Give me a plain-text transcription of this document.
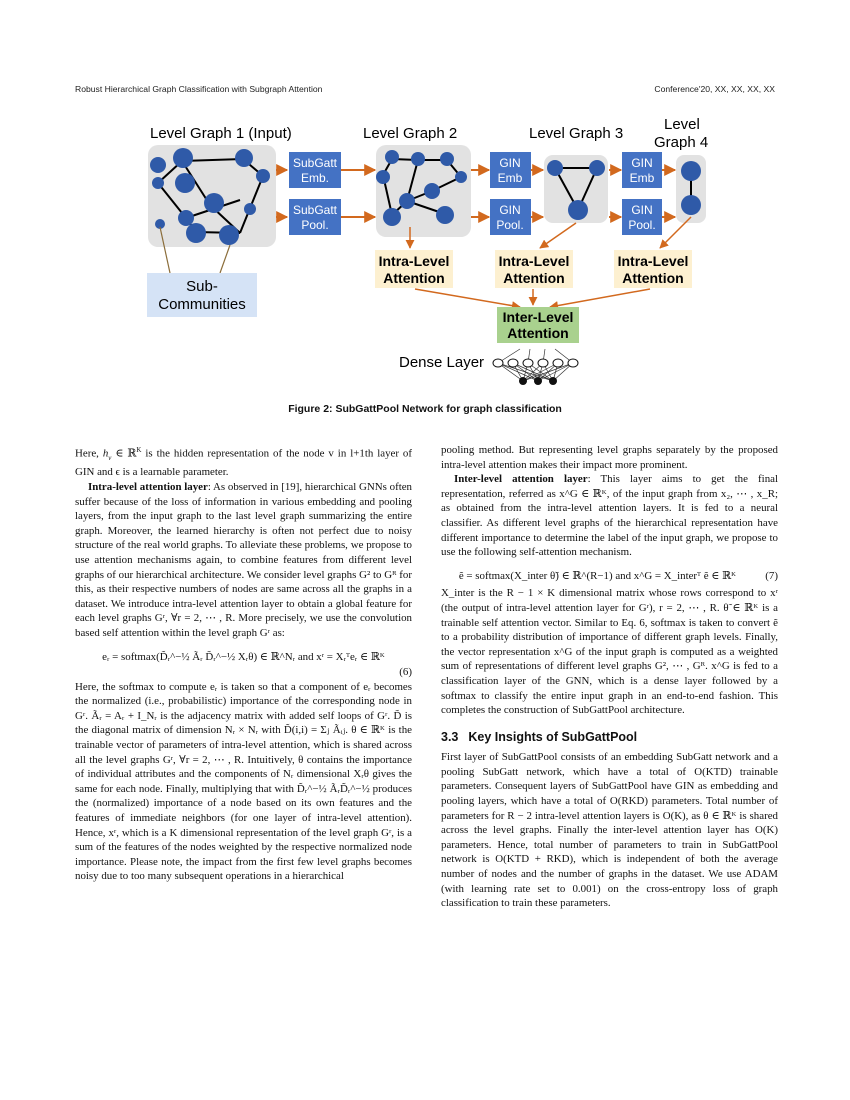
Robust Hierarchical Graph Classification with Subgraph Attention	Conference'20, XX, XX, XX, XX
Level Graph 1 (Input)	Level Graph 2	Level Graph 3
Level
Graph 4
SubGatt
Emb.
SubGatt
Pool.
GIN
Emb
GIN
Pool.
GIN
Emb
GIN
Pool.
Intra-Level
Attention
Intra-Level
Attention
Intra-Level
Attention
Inter-Level
Attention
Sub-
Communities
Dense Layer
Figure 2: SubGattPool Network for graph classification

Here, $h_v$ ∈ ℝ$^K$ is the hidden representation of the node v in l+1th layer of GIN and ϵ is a learnable parameter.

Intra-level attention layer: As observed in [19], hierarchical GNNs often suffer because of the loss of information in various embedding and pooling layers, from the input graph to the last level graph summarizing the entire graph. Moreover, the learned hierarchy is often not perfect due to noisy structure of the real world graphs. To alleviate these problems, we propose to use attention mechanisms again, to combine features from different level graphs of our hierarchical architecture. We consider level graphs G² to Gᴿ for this, as their respective numbers of nodes are same across all the graphs in a dataset. We introduce intra-level attention layer to obtain a global feature for each level graphs Gʳ, ∀r = 2, ⋯ , R. More precisely, we use the convolution based self attention within the level graph Gʳ as:

eᵣ = softmax(D̃ᵣ^−½ Ãᵣ D̃ᵣ^−½ Xᵣθ) ∈ ℝ^Nᵣ and xʳ = Xᵣᵀeᵣ ∈ ℝᴷ
(6)

Here, the softmax to compute eᵣ is taken so that a component of eᵣ becomes the normalized (i.e., probabilistic) importance of the corresponding node in Gʳ. Ãᵣ = Aᵣ + I_Nᵣ is the adjacency matrix with added self loops of Gʳ. D̃ is the diagonal matrix of dimension Nᵣ × Nᵣ with D̃(i,i) = Σⱼ Ãᵢⱼ. θ ∈ ℝᴷ is the trainable vector of parameters of intra-level attention, which is shared across all the level graphs Gʳ, ∀r = 2, ⋯ , R. Intuitively, θ contains the importance of individual attributes and the components of Nᵣ dimensional Xᵣθ gives the same for each node. Finally, multiplying that with D̃ᵣ^−½ ÃᵣD̃ᵣ^−½ produces the (normalized) importance of a node based on its own features and the features of immediate neighbors (for one layer of intra-level attention). Hence, xʳ, which is a K dimensional representation of the level graph Gʳ, is a sum of the features of the nodes weighted by the respective normalized node importance. Please note, the impact from the first few level graphs becomes noisy due to too many subsequent operations in a hierarchical

pooling method. But representing level graphs separately by the proposed intra-level attention makes their impact more prominent.

Inter-level attention layer: This layer aims to get the final representation, referred as x^G ∈ ℝᴷ, of the input graph from x₂, ⋯ , x_R; as obtained from the intra-level attention layers. It is fed to a neural classifier. As different level graphs of the hierarchical representation have different importance to determine the label of the input graph, we propose to use the following self-attention mechanism.

ẽ = softmax(X_inter θ̃) ∈ ℝ^(R−1) and x^G = X_interᵀ ẽ ∈ ℝᴷ	(7)

X_inter is the R − 1 × K dimensional matrix whose rows correspond to xʳ (the output of intra-level attention layer for Gʳ), r = 2, ⋯ , R. θ̃ ∈ ℝᴷ is a trainable self attention vector. Similar to Eq. 6, softmax is taken to convert ẽ to a probability distribution of importance of different graph levels. Finally, the vector representation x^G of the input graph is computed as a weighted sum of representations of different level graphs G², ⋯ , Gᴿ. x^G is fed to a classification layer of the GNN, which is a dense layer followed by a softmax to classify the entire input graph in an end-to-end fashion. This completes the construction of SubGattPool architecture.

3.3 Key Insights of SubGattPool

First layer of SubGattPool consists of an embedding SubGatt network and a pooling SubGatt network, which have a total of O(KTD) trainable parameters. Consequent layers of SubGattPool have GIN as embedding and pooling layers, which have a total of O(RKD) parameters. Total number of parameters for R − 2 intra-level attention layers is O(K), as θ ∈ ℝᴷ is shared across the level graphs. Finally the inter-level attention layer has O(K) parameters. Hence, total number of parameters to train in SubGattPool network is O(KTD + RKD), which is independent of both the average number of nodes and the number of graphs in the dataset. We use ADAM (with learning rate set to 0.001) on the cross-entropy loss of graph classification to train these parameters.
